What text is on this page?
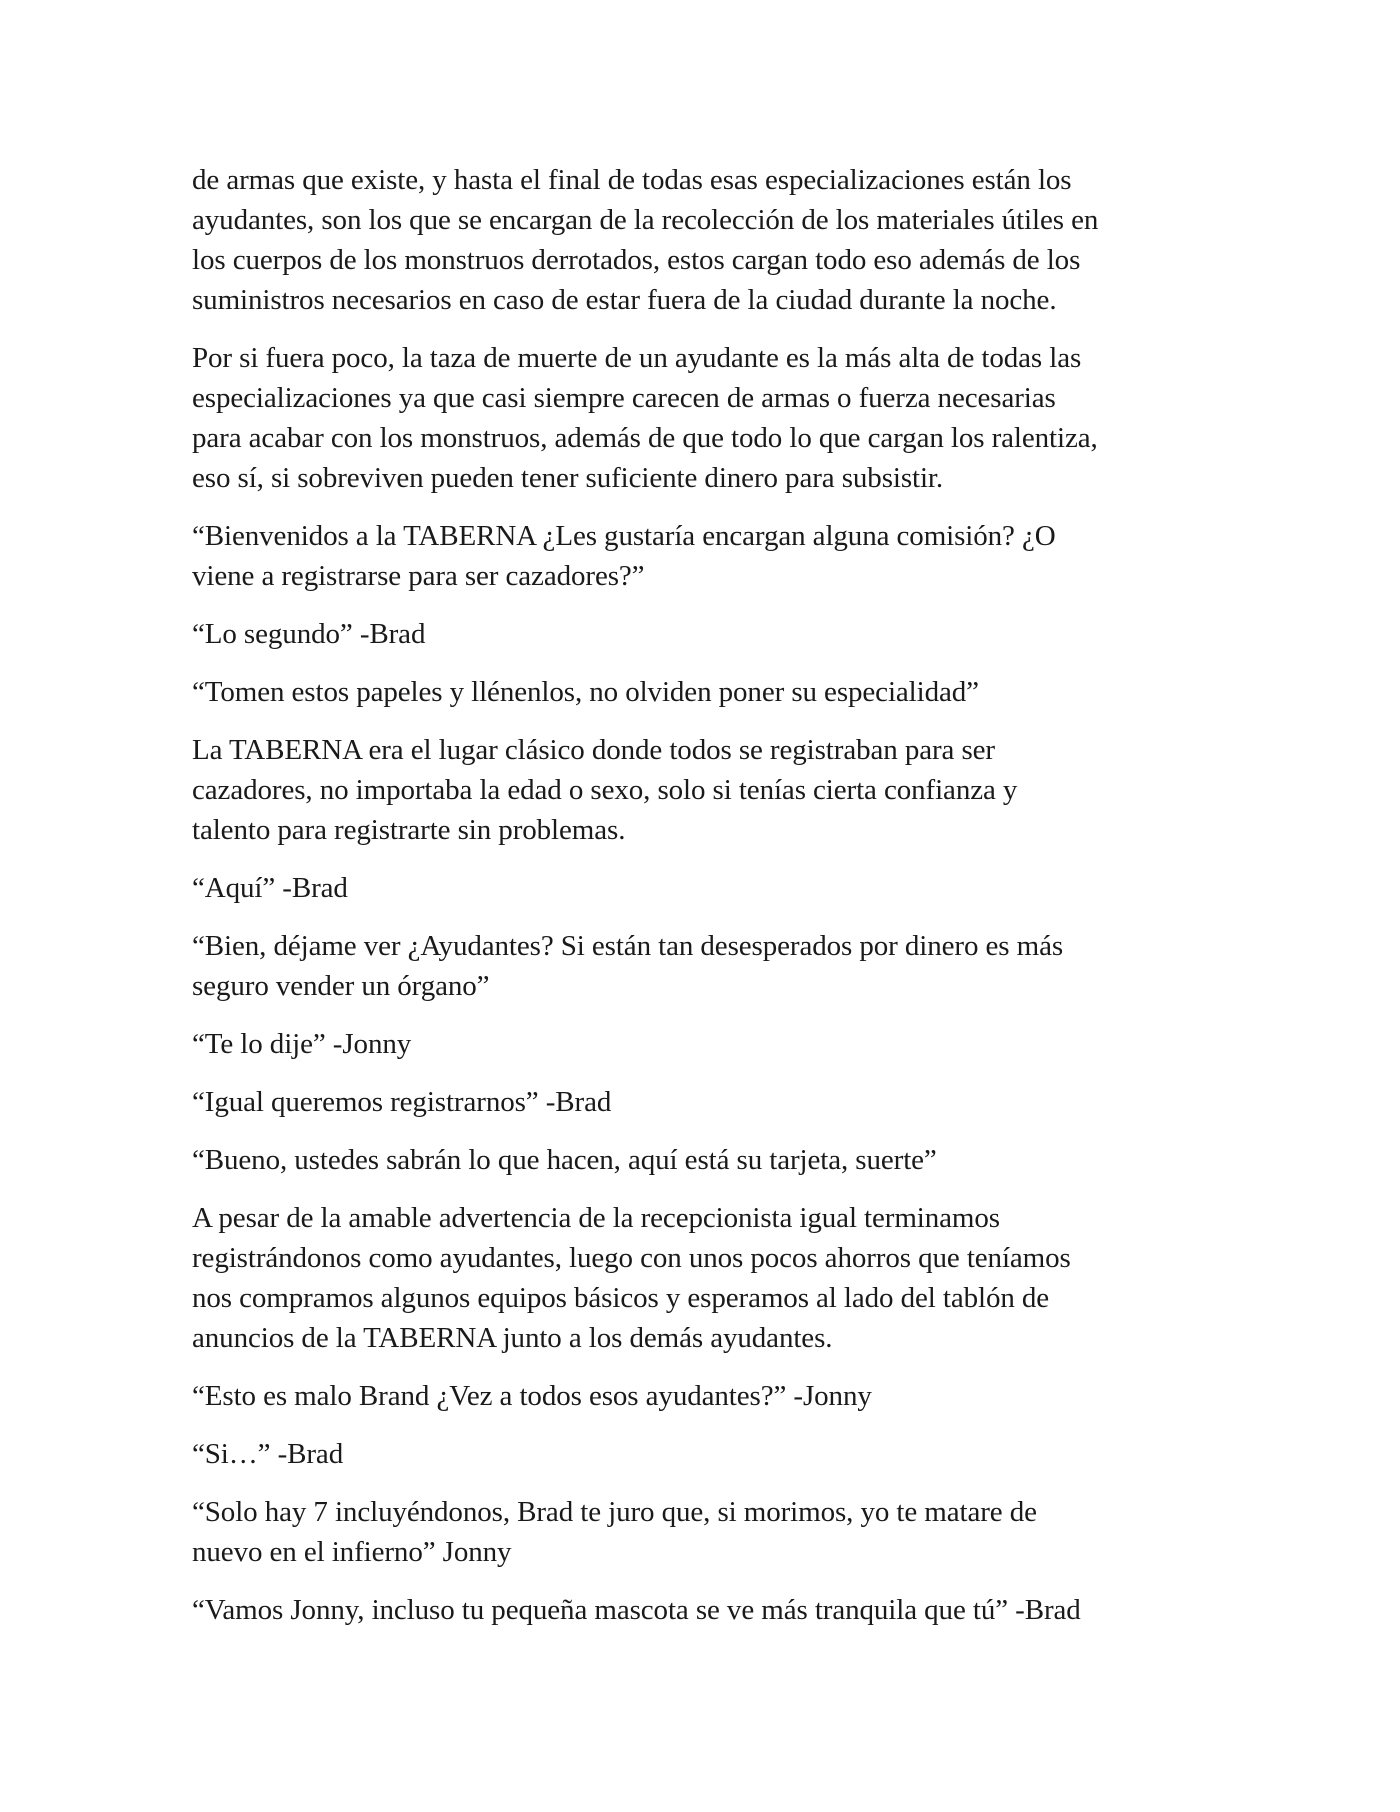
de armas que existe, y hasta el final de todas esas especializaciones están los
ayudantes, son los que se encargan de la recolección de los materiales útiles en
los cuerpos de los monstruos derrotados, estos cargan todo eso además de los
suministros necesarios en caso de estar fuera de la ciudad durante la noche.

Por si fuera poco, la taza de muerte de un ayudante es la más alta de todas las
especializaciones ya que casi siempre carecen de armas o fuerza necesarias
para acabar con los monstruos, además de que todo lo que cargan los ralentiza,
eso sí, si sobreviven pueden tener suficiente dinero para subsistir.

“Bienvenidos a la TABERNA ¿Les gustaría encargan alguna comisión? ¿O
viene a registrarse para ser cazadores?”

“Lo segundo” -Brad

“Tomen estos papeles y llénenlos, no olviden poner su especialidad”

La TABERNA era el lugar clásico donde todos se registraban para ser
cazadores, no importaba la edad o sexo, solo si tenías cierta confianza y
talento para registrarte sin problemas.

“Aquí” -Brad

“Bien, déjame ver ¿Ayudantes? Si están tan desesperados por dinero es más
seguro vender un órgano”

“Te lo dije” -Jonny

“Igual queremos registrarnos” -Brad

“Bueno, ustedes sabrán lo que hacen, aquí está su tarjeta, suerte”

A pesar de la amable advertencia de la recepcionista igual terminamos
registrándonos como ayudantes, luego con unos pocos ahorros que teníamos
nos compramos algunos equipos básicos y esperamos al lado del tablón de
anuncios de la TABERNA junto a los demás ayudantes.

“Esto es malo Brand ¿Vez a todos esos ayudantes?” -Jonny

“Si…” -Brad

“Solo hay 7 incluyéndonos, Brad te juro que, si morimos, yo te matare de
nuevo en el infierno” Jonny

“Vamos Jonny, incluso tu pequeña mascota se ve más tranquila que tú” -Brad
